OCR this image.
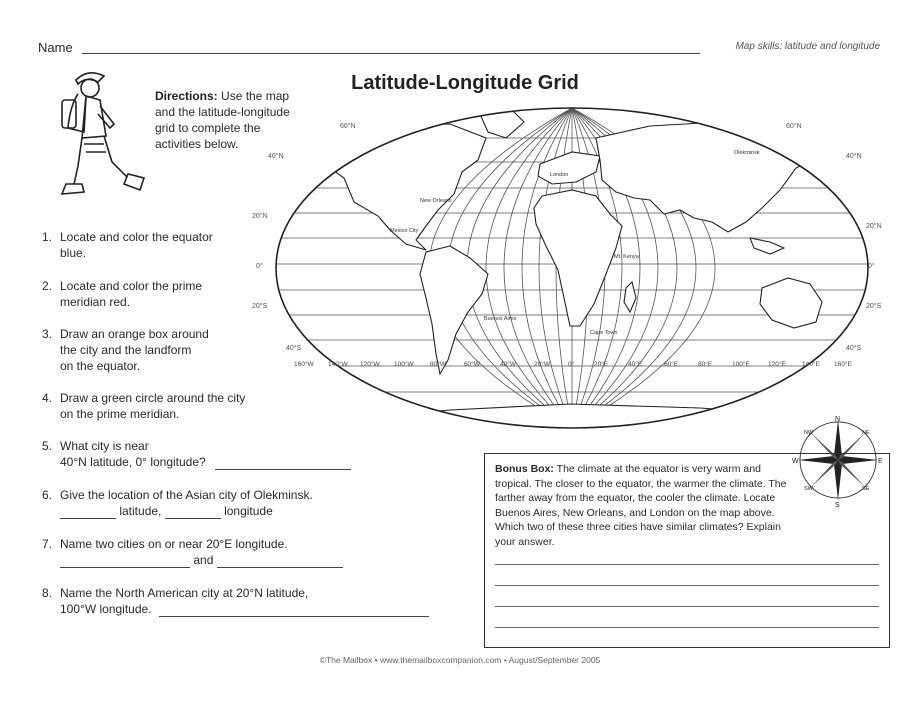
Name	Map skills: latitude and longitude
Latitude-Longitude Grid
Directions: Use the map and the latitude-longitude grid to complete the activities below.
1. Locate and color the equator
blue.
2. Locate and color the prime
meridian red.
3. Draw an orange box around
the city and the landform
on the equator.
4. Draw a green circle around the city
on the prime meridian.
5. What city is near
40°N latitude, 0° longitude?
6. Give the location of the Asian city of Olekminsk.
latitude,	longitude
7. Name two cities on or near 20°E longitude.
and
8. Name the North American city at 20°N latitude,
100°W longitude.
60°N
40°N
20°N
0°
20°S
40°S
60°N
40°N
20°N
0°
20°S
40°S
160°W 140°W 120°W 100°W	80°W	60°W	40°W	20°W	0°	20°E	40°E	60°E	80°E	100°E	120°E 140°E 160°E
New Orleans
Mexico City
Buenos Aires
Cape Town
Mt. Kenya
London
Olekminsk
N
S
W	E
NW	NE
SW	SE
Bonus Box: The climate at the equator is very warm and tropical. The closer to the equator, the warmer the climate. The farther away from the equator, the cooler the climate. Locate Buenos Aires, New Orleans, and London on the map above. Which two of these three cities have similar climates? Explain your answer.
©The Mailbox • www.themailboxcompanion.com • August/September 2005
